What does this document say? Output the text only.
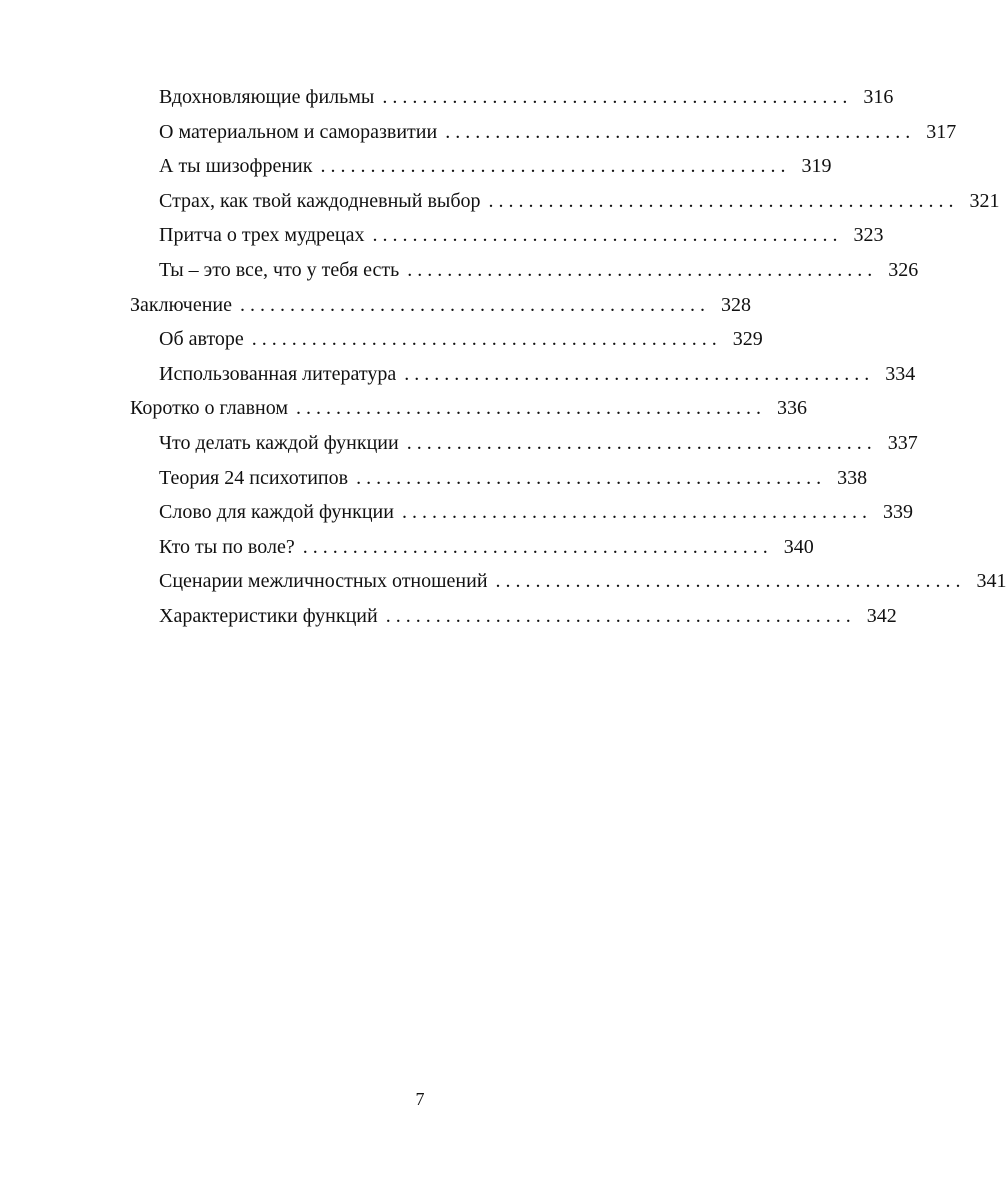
Вдохновляющие фильмы . . . . . . . . . . . . . . . . . . . . . . . . . . . . . . . . . . . . . . . . . . . . . . . 316
О материальном и саморазвитии . . . . . . . . . . . . . . . . . . . . . . . . . . . . . . . . . . . . . . . . . . . . . . . 317
А ты шизофреник . . . . . . . . . . . . . . . . . . . . . . . . . . . . . . . . . . . . . . . . . . . . . . . 319
Страх, как твой каждодневный выбор . . . . . . . . . . . . . . . . . . . . . . . . . . . . . . . . . . . . . . . . . . . . . . . 321
Притча о трех мудрецах . . . . . . . . . . . . . . . . . . . . . . . . . . . . . . . . . . . . . . . . . . . . . . . 323
Ты – это все, что у тебя есть . . . . . . . . . . . . . . . . . . . . . . . . . . . . . . . . . . . . . . . . . . . . . . . 326
Заключение . . . . . . . . . . . . . . . . . . . . . . . . . . . . . . . . . . . . . . . . . . . . . . . 328
Об авторе . . . . . . . . . . . . . . . . . . . . . . . . . . . . . . . . . . . . . . . . . . . . . . . 329
Использованная литература . . . . . . . . . . . . . . . . . . . . . . . . . . . . . . . . . . . . . . . . . . . . . . . 334
Коротко о главном . . . . . . . . . . . . . . . . . . . . . . . . . . . . . . . . . . . . . . . . . . . . . . . 336
Что делать каждой функции . . . . . . . . . . . . . . . . . . . . . . . . . . . . . . . . . . . . . . . . . . . . . . . 337
Теория 24 психотипов . . . . . . . . . . . . . . . . . . . . . . . . . . . . . . . . . . . . . . . . . . . . . . . 338
Слово для каждой функции . . . . . . . . . . . . . . . . . . . . . . . . . . . . . . . . . . . . . . . . . . . . . . . 339
Кто ты по воле? . . . . . . . . . . . . . . . . . . . . . . . . . . . . . . . . . . . . . . . . . . . . . . . 340
Сценарии межличностных отношений . . . . . . . . . . . . . . . . . . . . . . . . . . . . . . . . . . . . . . . . . . . . . . . 341
Характеристики функций . . . . . . . . . . . . . . . . . . . . . . . . . . . . . . . . . . . . . . . . . . . . . . . 342
7
